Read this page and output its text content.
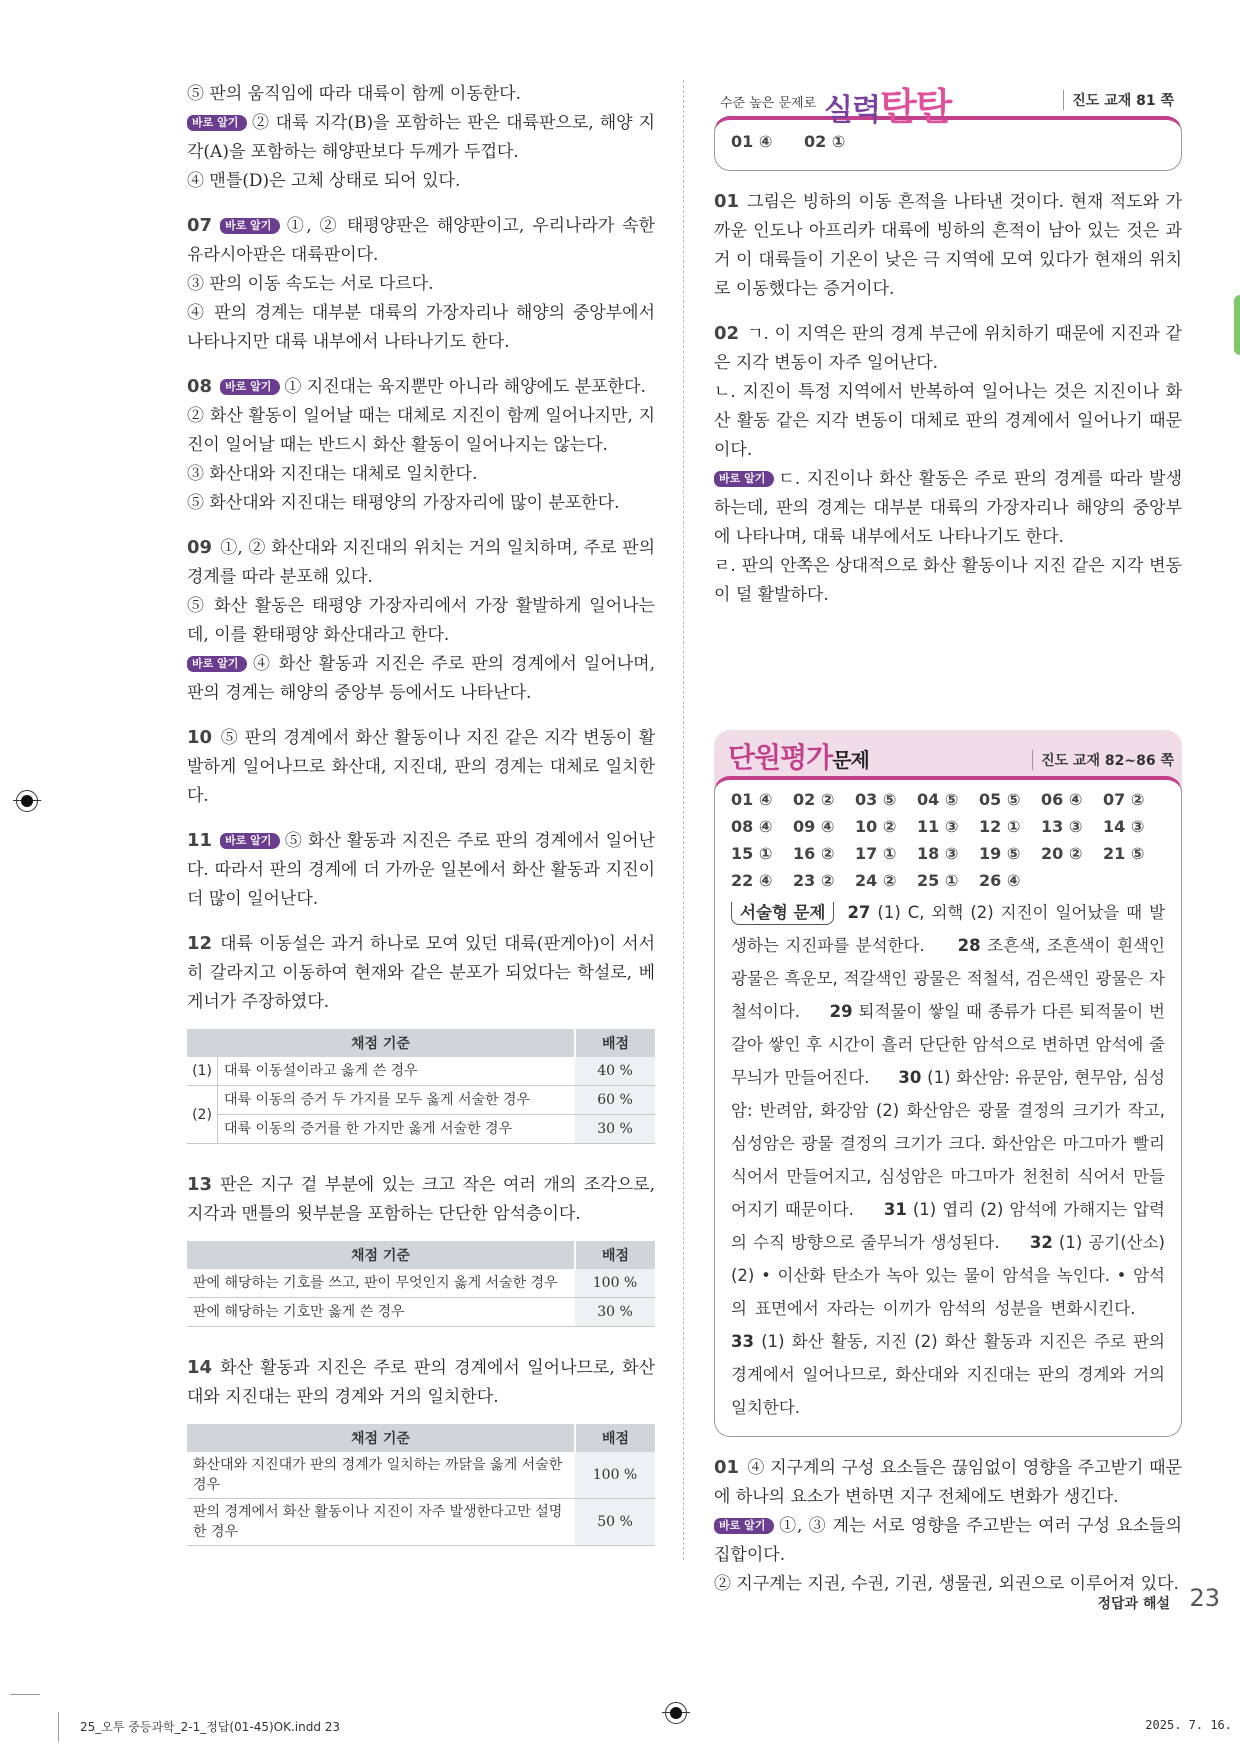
⑤ 판의 움직임에 따라 대륙이 함께 이동한다.

바로 알기 ② 대륙 지각(B)을 포함하는 판은 대륙판으로, 해양 지각(A)을 포함하는 해양판보다 두께가 두껍다.

④ 맨틀(D)은 고체 상태로 되어 있다.

07 바로 알기 ①, ② 태평양판은 해양판이고, 우리나라가 속한 유라시아판은 대륙판이다.

③ 판의 이동 속도는 서로 다르다.

④ 판의 경계는 대부분 대륙의 가장자리나 해양의 중앙부에서 나타나지만 대륙 내부에서 나타나기도 한다.

08 바로 알기 ① 지진대는 육지뿐만 아니라 해양에도 분포한다.

② 화산 활동이 일어날 때는 대체로 지진이 함께 일어나지만, 지진이 일어날 때는 반드시 화산 활동이 일어나지는 않는다.

③ 화산대와 지진대는 대체로 일치한다.

⑤ 화산대와 지진대는 태평양의 가장자리에 많이 분포한다.

09 ①, ② 화산대와 지진대의 위치는 거의 일치하며, 주로 판의 경계를 따라 분포해 있다.

⑤ 화산 활동은 태평양 가장자리에서 가장 활발하게 일어나는데, 이를 환태평양 화산대라고 한다.

바로 알기 ④ 화산 활동과 지진은 주로 판의 경계에서 일어나며, 판의 경계는 해양의 중앙부 등에서도 나타난다.

10 ⑤ 판의 경계에서 화산 활동이나 지진 같은 지각 변동이 활발하게 일어나므로 화산대, 지진대, 판의 경계는 대체로 일치한다.

11 바로 알기 ⑤ 화산 활동과 지진은 주로 판의 경계에서 일어난다. 따라서 판의 경계에 더 가까운 일본에서 화산 활동과 지진이 더 많이 일어난다.

12 대륙 이동설은 과거 하나로 모여 있던 대륙(판게아)이 서서히 갈라지고 이동하여 현재와 같은 분포가 되었다는 학설로, 베게너가 주장하였다.

채점 기준		배점
(1)	대륙 이동설이라고 옳게 쓴 경우	40 %
(2)	대륙 이동의 증거 두 가지를 모두 옳게 서술한 경우	60 %
	대륙 이동의 증거를 한 가지만 옳게 서술한 경우	30 %

13 판은 지구 겉 부분에 있는 크고 작은 여러 개의 조각으로, 지각과 맨틀의 윗부분을 포함하는 단단한 암석층이다.

채점 기준	배점
판에 해당하는 기호를 쓰고, 판이 무엇인지 옳게 서술한 경우	100 %
판에 해당하는 기호만 옳게 쓴 경우	30 %

14 화산 활동과 지진은 주로 판의 경계에서 일어나므로, 화산대와 지진대는 판의 경계와 거의 일치한다.

채점 기준	배점
화산대와 지진대가 판의 경계가 일치하는 까닭을 옳게 서술한 경우	100 %
판의 경계에서 화산 활동이나 지진이 자주 발생한다고만 설명한 경우	50 %
수준 높은 문제로 실력탄탄	진도 교재 81 쪽
01 ④ 02 ①

01 그림은 빙하의 이동 흔적을 나타낸 것이다. 현재 적도와 가까운 인도나 아프리카 대륙에 빙하의 흔적이 남아 있는 것은 과거 이 대륙들이 기온이 낮은 극 지역에 모여 있다가 현재의 위치로 이동했다는 증거이다.

02 ㄱ. 이 지역은 판의 경계 부근에 위치하기 때문에 지진과 같은 지각 변동이 자주 일어난다.

ㄴ. 지진이 특정 지역에서 반복하여 일어나는 것은 지진이나 화산 활동 같은 지각 변동이 대체로 판의 경계에서 일어나기 때문이다.

바로 알기 ㄷ. 지진이나 화산 활동은 주로 판의 경계를 따라 발생하는데, 판의 경계는 대부분 대륙의 가장자리나 해양의 중앙부에 나타나며, 대륙 내부에서도 나타나기도 한다.

ㄹ. 판의 안쪽은 상대적으로 화산 활동이나 지진 같은 지각 변동이 덜 활발하다.

단원평가문제	진도 교재 82~86 쪽
01 ④	02 ②	03 ⑤	04 ⑤	05 ⑤	06 ④	07 ②
08 ④	09 ④	10 ②	11 ③	12 ①	13 ③	14 ③
15 ①	16 ②	17 ①	18 ③	19 ⑤	20 ②	21 ⑤
22 ④	23 ②	24 ②	25 ①	26 ④
서술형 문제 27 (1) C, 외핵 (2) 지진이 일어났을 때 발생하는 지진파를 분석한다. 28 조흔색, 조흔색이 흰색인 광물은 흑운모, 적갈색인 광물은 적철석, 검은색인 광물은 자철석이다. 29 퇴적물이 쌓일 때 종류가 다른 퇴적물이 번갈아 쌓인 후 시간이 흘러 단단한 암석으로 변하면 암석에 줄무늬가 만들어진다. 30 (1) 화산암: 유문암, 현무암, 심성암: 반려암, 화강암 (2) 화산암은 광물 결정의 크기가 작고, 심성암은 광물 결정의 크기가 크다. 화산암은 마그마가 빨리 식어서 만들어지고, 심성암은 마그마가 천천히 식어서 만들어지기 때문이다. 31 (1) 엽리 (2) 암석에 가해지는 압력의 수직 방향으로 줄무늬가 생성된다. 32 (1) 공기(산소) (2) • 이산화 탄소가 녹아 있는 물이 암석을 녹인다. • 암석의 표면에서 자라는 이끼가 암석의 성분을 변화시킨다.     33 (1) 화산 활동, 지진 (2) 화산 활동과 지진은 주로 판의 경계에서 일어나므로, 화산대와 지진대는 판의 경계와 거의 일치한다.

01 ④ 지구계의 구성 요소들은 끊임없이 영향을 주고받기 때문에 하나의 요소가 변하면 지구 전체에도 변화가 생긴다.

바로 알기 ①, ③ 계는 서로 영향을 주고받는 여러 구성 요소들의 집합이다.

② 지구계는 지권, 수권, 기권, 생물권, 외권으로 이루어져 있다.

정답과 해설 23
25_오투 중등과학_2-1_정답(01-45)OK.indd 23	2025. 7. 16.
